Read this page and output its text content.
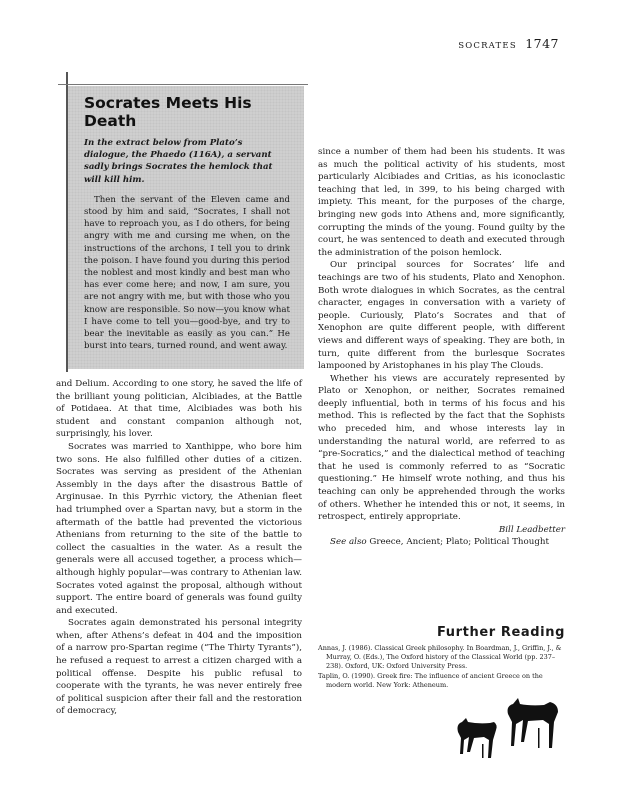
SOCRATES 1747
Socrates Meets His Death

In the extract below from Plato’s dialogue, the Phaedo (116A), a servant sadly brings Socrates the hemlock that will kill him.

Then the servant of the Eleven came and stood by him and said, “Socrates, I shall not have to reproach you, as I do others, for being angry with me and cursing me when, on the instructions of the archons, I tell you to drink the poison. I have found you during this period the noblest and most kindly and best man who has ever come here; and now, I am sure, you are not angry with me, but with those who you know are responsible. So now—you know what I have come to tell you—good-bye, and try to bear the inevitable as easily as you can.” He burst into tears, turned round, and went away.

and Delium. According to one story, he saved the life of the brilliant young politician, Alcibiades, at the Battle of Potidaea. At that time, Alcibiades was both his student and constant companion although not, surprisingly, his lover.

Socrates was married to Xanthippe, who bore him two sons. He also fulfilled other duties of a citizen. Socrates was serving as president of the Athenian Assembly in the days after the disastrous Battle of Arginusae. In this Pyrrhic victory, the Athenian fleet had triumphed over a Spartan navy, but a storm in the aftermath of the battle had prevented the victorious Athenians from returning to the site of the battle to collect the casualties in the water. As a result the generals were all accused together, a process which—although highly popular—was contrary to Athenian law. Socrates voted against the proposal, although without support. The entire board of generals was found guilty and executed.

Socrates again demonstrated his personal integrity when, after Athens’s defeat in 404 and the imposition of a narrow pro-Spartan regime (“The Thirty Tyrants”), he refused a request to arrest a citizen charged with a political offense. Despite his public refusal to cooperate with the tyrants, he was never entirely free of political suspicion after their fall and the restoration of democracy,

since a number of them had been his students. It was as much the political activity of his students, most particularly Alcibiades and Critias, as his iconoclastic teaching that led, in 399, to his being charged with impiety. This meant, for the purposes of the charge, bringing new gods into Athens and, more significantly, corrupting the minds of the young. Found guilty by the court, he was sentenced to death and executed through the administration of the poison hemlock.

Our principal sources for Socrates’ life and teachings are two of his students, Plato and Xenophon. Both wrote dialogues in which Socrates, as the central character, engages in conversation with a variety of people. Curiously, Plato’s Socrates and that of Xenophon are quite different people, with different views and different ways of speaking. They are both, in turn, quite different from the burlesque Socrates lampooned by Aristophanes in his play The Clouds.

Whether his views are accurately represented by Plato or Xenophon, or neither, Socrates remained deeply influential, both in terms of his focus and his method. This is reflected by the fact that the Sophists who preceded him, and whose interests lay in understanding the natural world, are referred to as “pre-Socratics,” and the dialectical method of teaching that he used is commonly referred to as “Socratic questioning.” He himself wrote nothing, and thus his teaching can only be apprehended through the works of others. Whether he intended this or not, it seems, in retrospect, entirely appropriate.

Bill Leadbetter

See also Greece, Ancient; Plato; Political Thought

Further Reading

Annas, J. (1986). Classical Greek philosophy. In Boardman, J., Griffin, J., & Murray, O. (Eds.), The Oxford history of the Classical World (pp. 237–238). Oxford, UK: Oxford University Press.

Taplin, O. (1990). Greek fire: The influence of ancient Greece on the modern world. New York: Atheneum.
